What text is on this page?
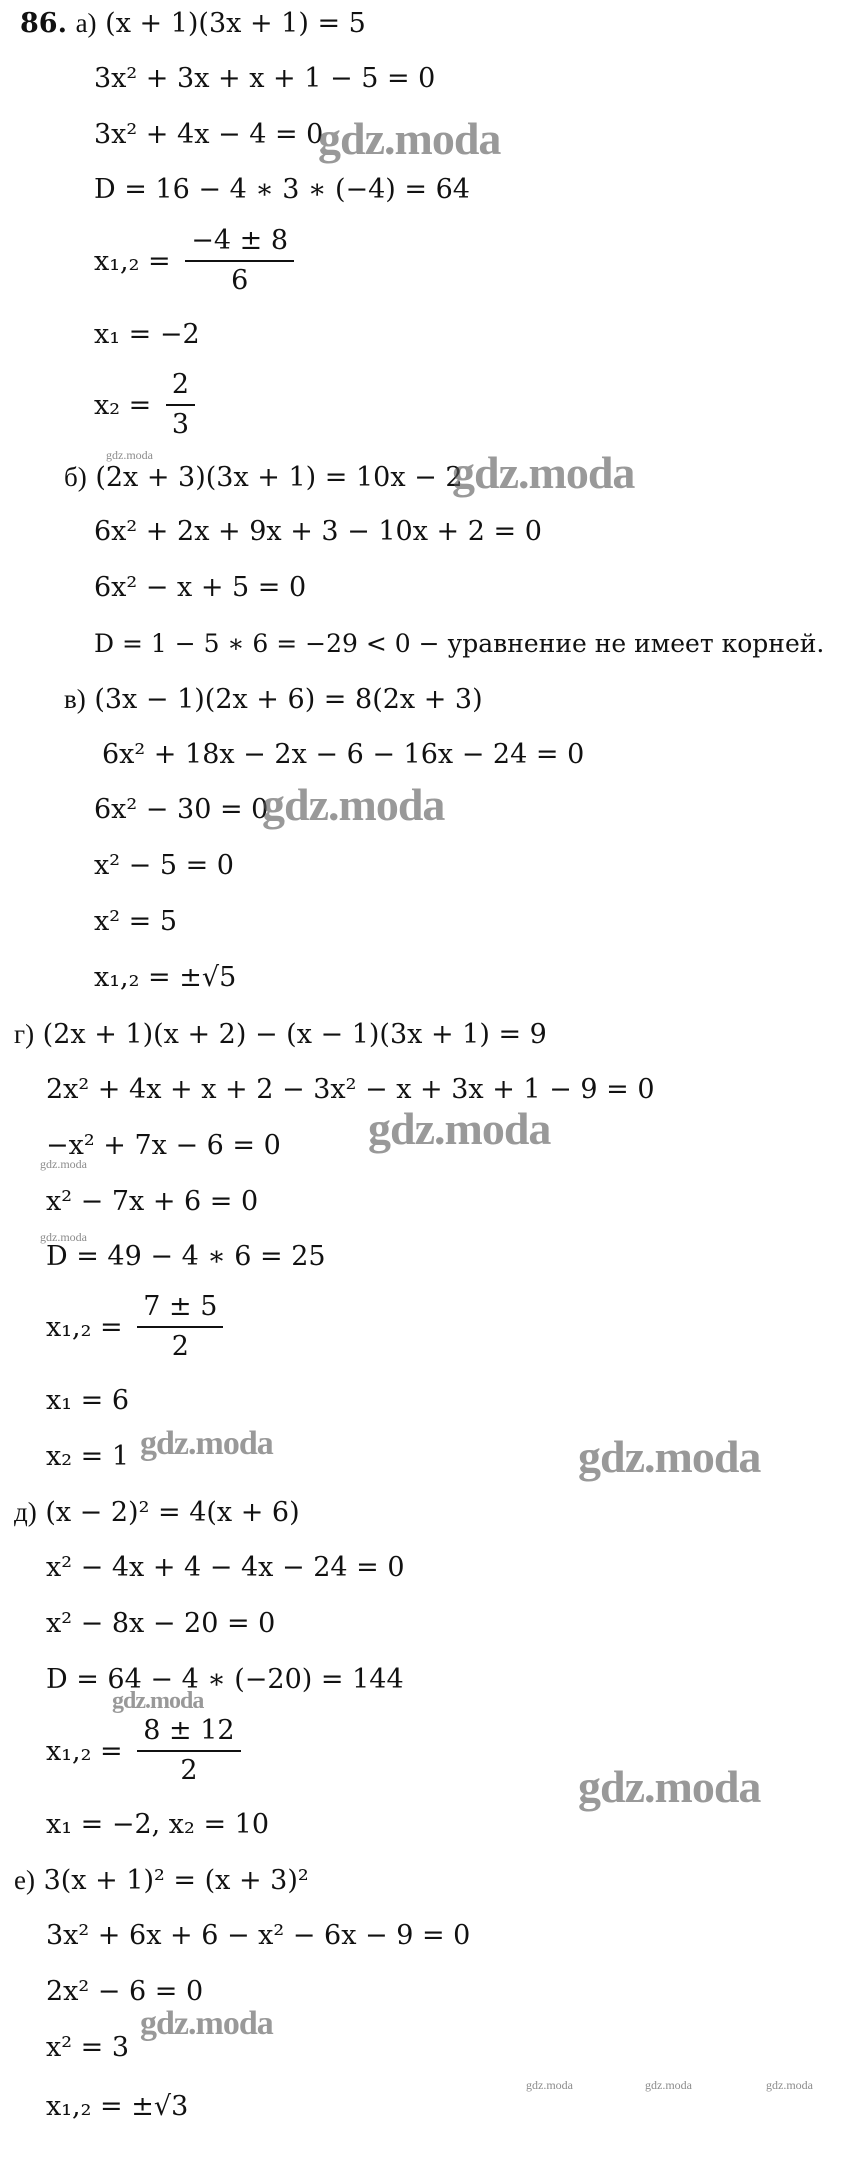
86. а) (x + 1)(3x + 1) = 5
3x² + 3x + x + 1 − 5 = 0
3x² + 4x − 4 = 0
D = 16 − 4 ∗ 3 ∗ (−4) = 64
$x_1,_2 = \frac{-4 \pm 8}{6}$
x₁ = −2
$x_2 = \frac{2}{3}$
б) (2x + 3)(3x + 1) = 10x − 2
6x² + 2x + 9x + 3 − 10x + 2 = 0
6x² − x + 5 = 0
D = 1 − 5 ∗ 6 = −29 < 0 − уравнение не имеет корней.
в) (3x − 1)(2x + 6) = 8(2x + 3)
6x² + 18x − 2x − 6 − 16x − 24 = 0
6x² − 30 = 0
x² − 5 = 0
x² = 5
x₁,₂ = ±√5
г) (2x + 1)(x + 2) − (x − 1)(3x + 1) = 9
2x² + 4x + x + 2 − 3x² − x + 3x + 1 − 9 = 0
−x² + 7x − 6 = 0
x² − 7x + 6 = 0
D = 49 − 4 ∗ 6 = 25
$x_1,_2 = \frac{7 \pm 5}{2}$
x₁ = 6
x₂ = 1
д) (x − 2)² = 4(x + 6)
x² − 4x + 4 − 4x − 24 = 0
x² − 8x − 20 = 0
D = 64 − 4 ∗ (−20) = 144
$x_1,_2 = \frac{8 \pm 12}{2}$
x₁ = −2, x₂ = 10
е) 3(x + 1)² = (x + 3)²
3x² + 6x + 6 − x² − 6x − 9 = 0
2x² − 6 = 0
x² = 3
x₁,₂ = ±√3
gdz.moda
gdz.moda
gdz.moda
gdz.moda
gdz.moda
gdz.moda
gdz.moda
gdz.moda
gdz.moda
gdz.moda
gdz.moda
gdz.moda
gdz.moda	gdz.moda	gdz.moda
